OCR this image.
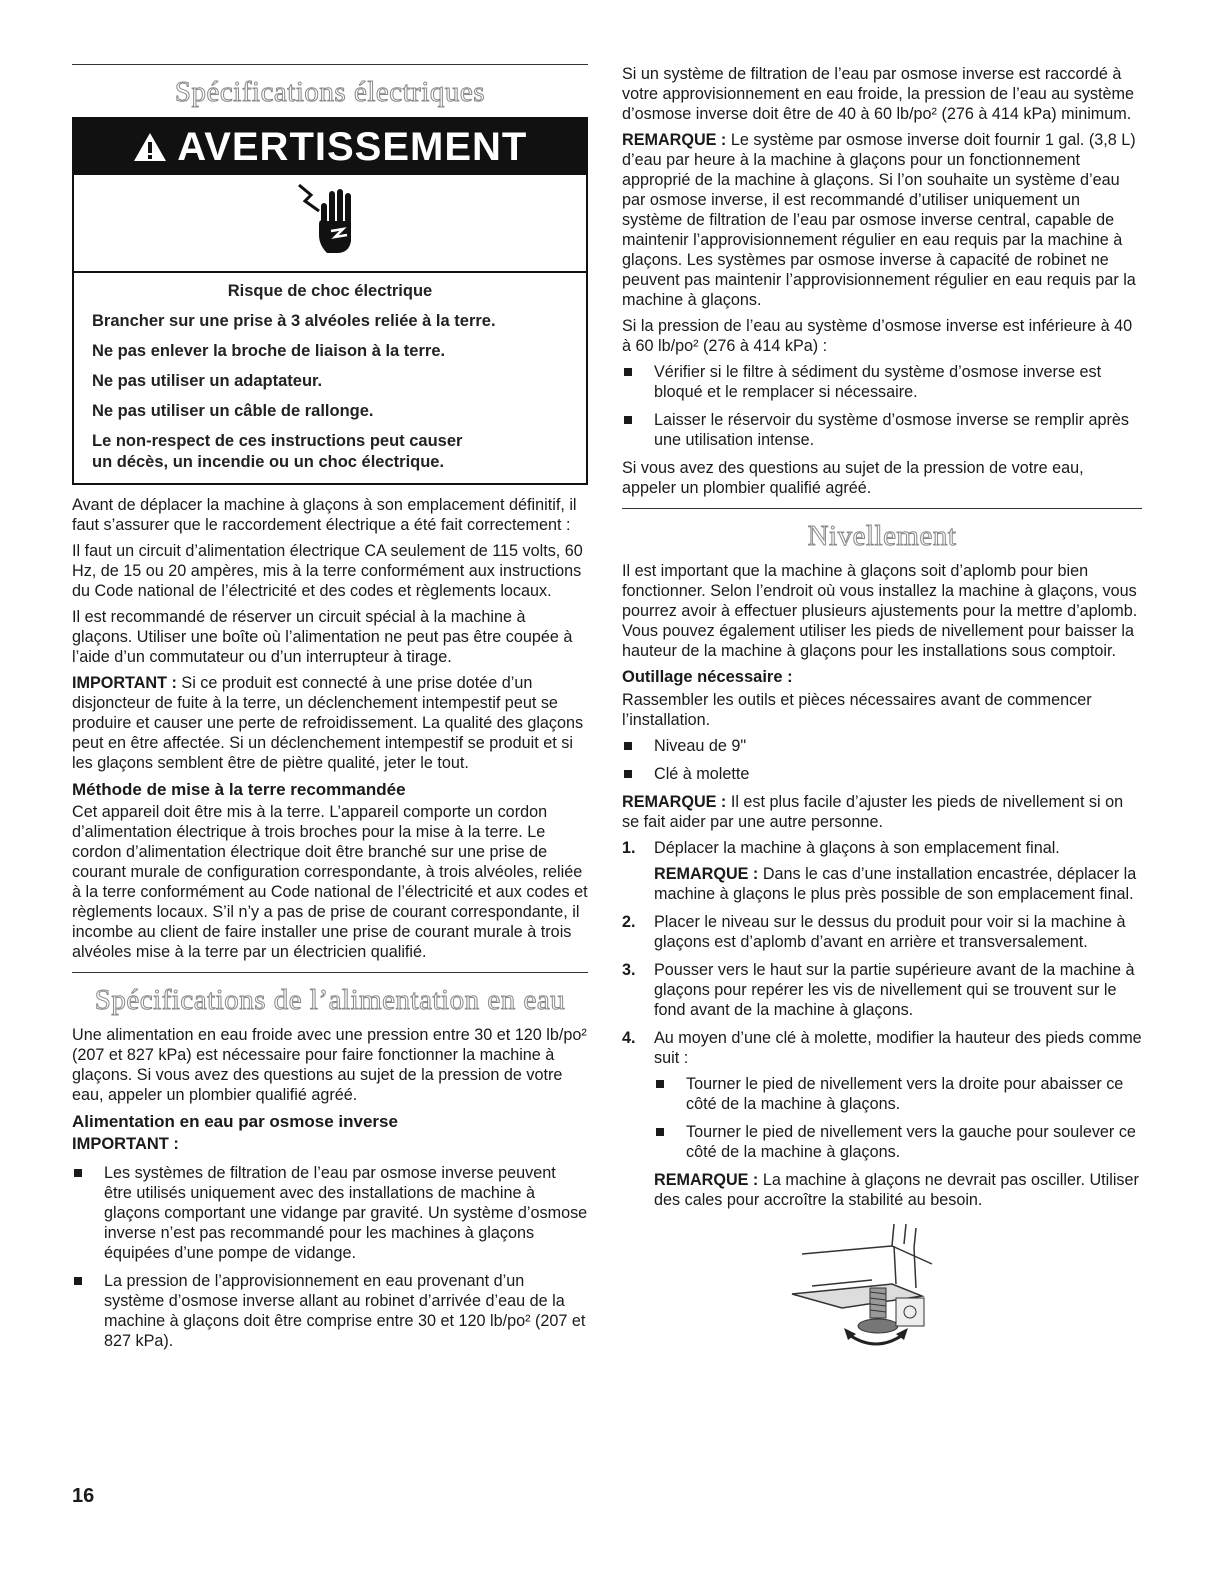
Spécifications électriques
AVERTISSEMENT

Risque de choc électrique

Brancher sur une prise à 3 alvéoles reliée à la terre.

Ne pas enlever la broche de liaison à la terre.

Ne pas utiliser un adaptateur.

Ne pas utiliser un câble de rallonge.

Le non-respect de ces instructions peut causer

un décès, un incendie ou un choc électrique.

Avant de déplacer la machine à glaçons à son emplacement définitif, il faut s’assurer que le raccordement électrique a été fait correctement :

Il faut un circuit d’alimentation électrique CA seulement de 115 volts, 60 Hz, de 15 ou 20 ampères, mis à la terre conformément aux instructions du Code national de l’électricité et des codes et règlements locaux.

Il est recommandé de réserver un circuit spécial à la machine à glaçons. Utiliser une boîte où l’alimentation ne peut pas être coupée à l’aide d’un commutateur ou d’un interrupteur à tirage.

IMPORTANT : Si ce produit est connecté à une prise dotée d’un disjoncteur de fuite à la terre, un déclenchement intempestif peut se produire et causer une perte de refroidissement. La qualité des glaçons peut en être affectée. Si un déclenchement intempestif se produit et si les glaçons semblent être de piètre qualité, jeter le tout.

Méthode de mise à la terre recommandée

Cet appareil doit être mis à la terre. L’appareil comporte un cordon d’alimentation électrique à trois broches pour la mise à la terre. Le cordon d’alimentation électrique doit être branché sur une prise de courant murale de configuration correspondante, à trois alvéoles, reliée à la terre conformément au Code national de l’électricité et aux codes et règlements locaux. S’il n’y a pas de prise de courant correspondante, il incombe au client de faire installer une prise de courant murale à trois alvéoles mise à la terre par un électricien qualifié.

Spécifications de l’alimentation en eau

Une alimentation en eau froide avec une pression entre 30 et 120 lb/po² (207 et 827 kPa) est nécessaire pour faire fonctionner la machine à glaçons. Si vous avez des questions au sujet de la pression de votre eau, appeler un plombier qualifié agréé.

Alimentation en eau par osmose inverse
IMPORTANT :
Les systèmes de filtration de l’eau par osmose inverse peuvent être utilisés uniquement avec des installations de machine à glaçons comportant une vidange par gravité. Un système d’osmose inverse n’est pas recommandé pour les machines à glaçons équipées d’une pompe de vidange.
La pression de l’approvisionnement en eau provenant d’un système d’osmose inverse allant au robinet d’arrivée d’eau de la machine à glaçons doit être comprise entre 30 et 120 lb/po² (207 et 827 kPa).

Si un système de filtration de l’eau par osmose inverse est raccordé à votre approvisionnement en eau froide, la pression de l’eau au système d’osmose inverse doit être de 40 à 60 lb/po² (276 à 414 kPa) minimum.

REMARQUE : Le système par osmose inverse doit fournir 1 gal. (3,8 L) d’eau par heure à la machine à glaçons pour un fonctionnement approprié de la machine à glaçons. Si l’on souhaite un système d’eau par osmose inverse, il est recommandé d’utiliser uniquement un système de filtration de l’eau par osmose inverse central, capable de maintenir l’approvisionnement régulier en eau requis par la machine à glaçons. Les systèmes par osmose inverse à capacité de robinet ne peuvent pas maintenir l’approvisionnement régulier en eau requis par la machine à glaçons.

Si la pression de l’eau au système d’osmose inverse est inférieure à 40 à 60 lb/po² (276 à 414 kPa) :

Vérifier si le filtre à sédiment du système d’osmose inverse est bloqué et le remplacer si nécessaire.
Laisser le réservoir du système d’osmose inverse se remplir après une utilisation intense.

Si vous avez des questions au sujet de la pression de votre eau, appeler un plombier qualifié agréé.

Nivellement

Il est important que la machine à glaçons soit d’aplomb pour bien fonctionner. Selon l’endroit où vous installez la machine à glaçons, vous pourrez avoir à effectuer plusieurs ajustements pour la mettre d’aplomb. Vous pouvez également utiliser les pieds de nivellement pour baisser la hauteur de la machine à glaçons pour les installations sous comptoir.

Outillage nécessaire :

Rassembler les outils et pièces nécessaires avant de commencer l’installation.

Niveau de 9"
Clé à molette

REMARQUE : Il est plus facile d’ajuster les pieds de nivellement si on se fait aider par une autre personne.

1. Déplacer la machine à glaçons à son emplacement final.

REMARQUE : Dans le cas d’une installation encastrée, déplacer la machine à glaçons le plus près possible de son emplacement final.

2. Placer le niveau sur le dessus du produit pour voir si la machine à glaçons est d’aplomb d’avant en arrière et transversalement.
3. Pousser vers le haut sur la partie supérieure avant de la machine à glaçons pour repérer les vis de nivellement qui se trouvent sur le fond avant de la machine à glaçons.
4. Au moyen d’une clé à molette, modifier la hauteur des pieds comme suit :
Tourner le pied de nivellement vers la droite pour abaisser ce côté de la machine à glaçons.
Tourner le pied de nivellement vers la gauche pour soulever ce côté de la machine à glaçons.

REMARQUE : La machine à glaçons ne devrait pas osciller. Utiliser des cales pour accroître la stabilité au besoin.

16
